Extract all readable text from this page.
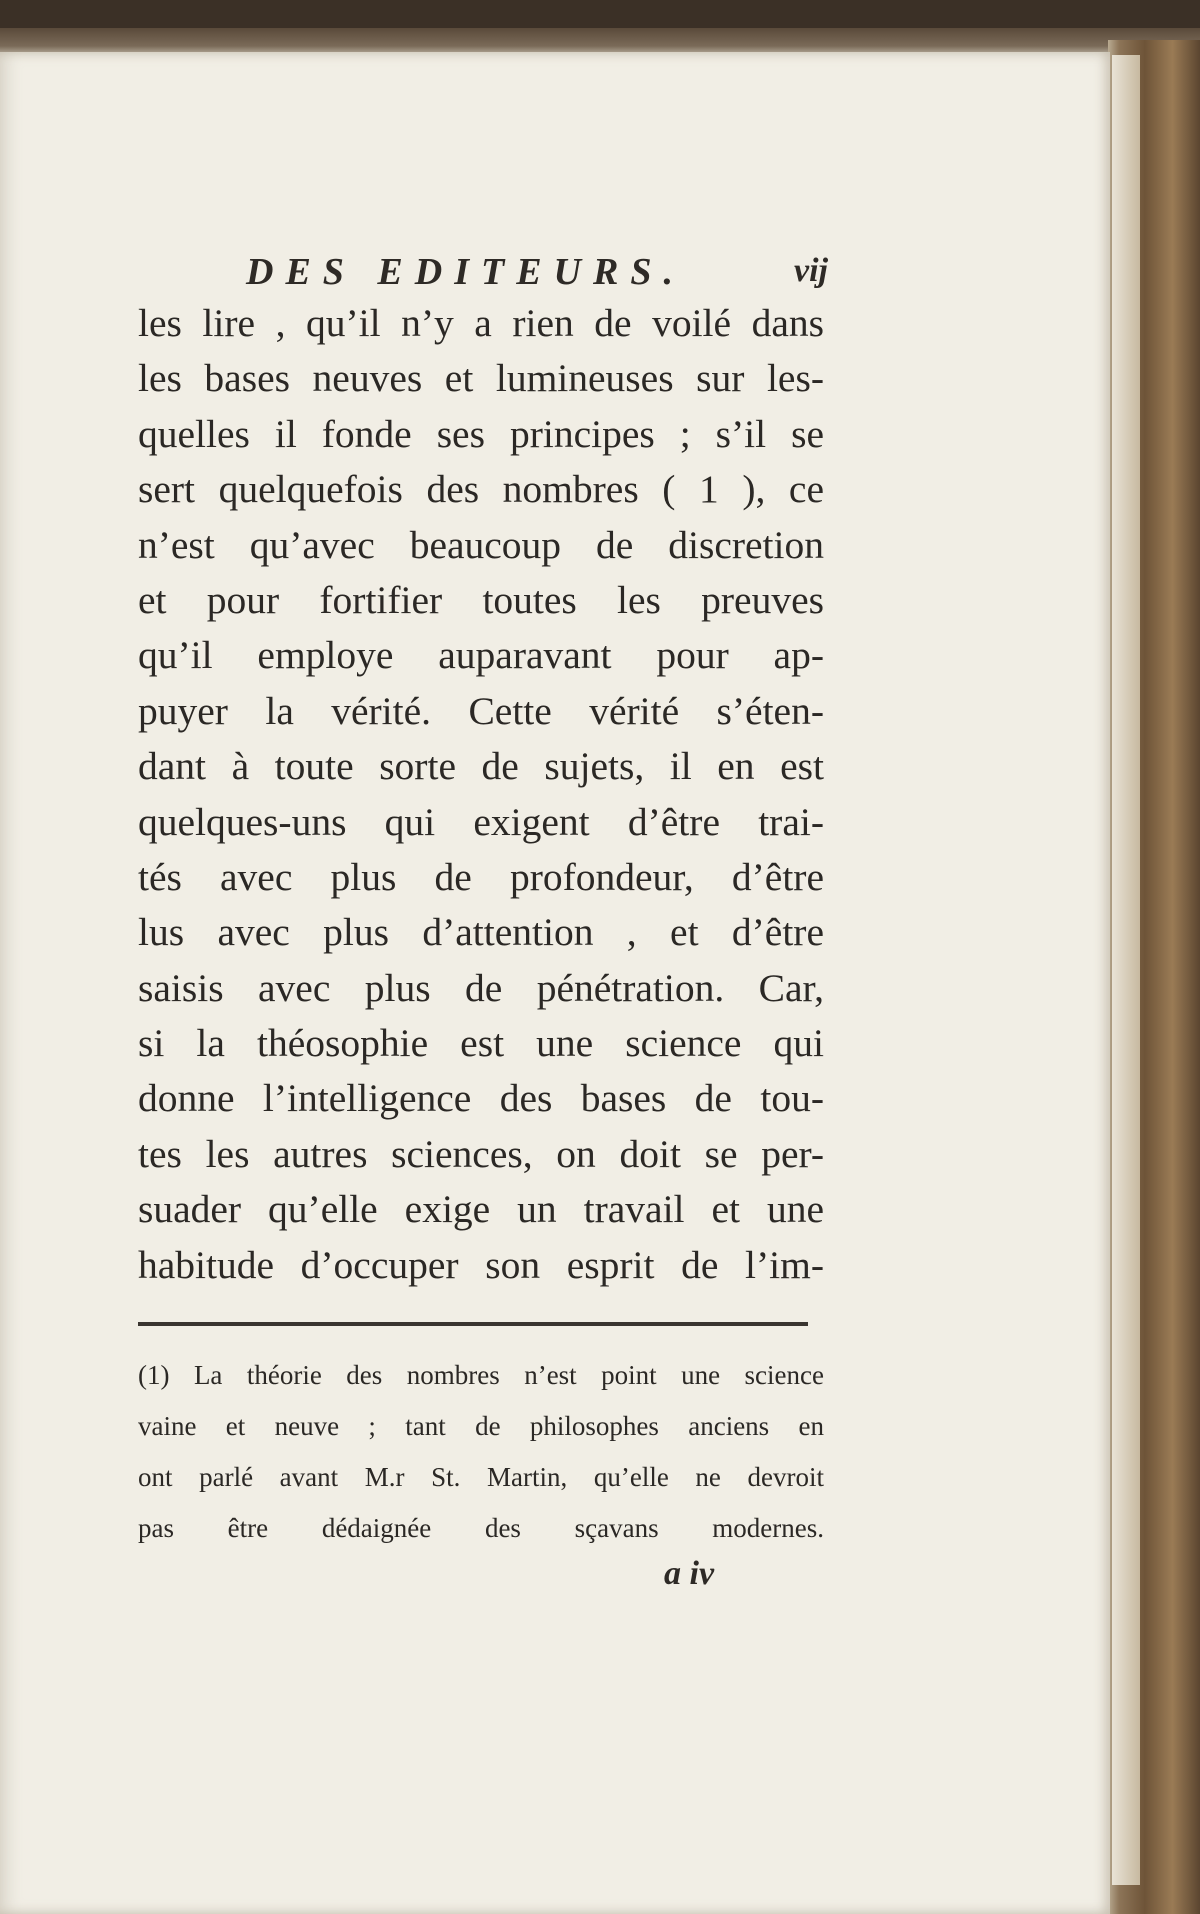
DES EDITEURS.	vij
les lire , qu’il n’y a rien de voilé dans
les bases neuves et lumineuses sur les-
quelles il fonde ses principes ; s’il se
sert quelquefois des nombres ( 1 ), ce
n’est qu’avec beaucoup de discretion
et pour fortifier toutes les preuves
qu’il employe auparavant pour ap-
puyer la vérité. Cette vérité s’éten-
dant à toute sorte de sujets, il en est
quelques-uns qui exigent d’être trai-
tés avec plus de profondeur, d’être
lus avec plus d’attention , et d’être
saisis avec plus de pénétration. Car,
si la théosophie est une science qui
donne l’intelligence des bases de tou-
tes les autres sciences, on doit se per-
suader qu’elle exige un travail et une
habitude d’occuper son esprit de l’im-
(1) La théorie des nombres n’est point une science
vaine et neuve ; tant de philosophes anciens en
ont parlé avant M.r St. Martin, qu’elle ne devroit
pas être dédaignée des sçavans modernes.
a iv
